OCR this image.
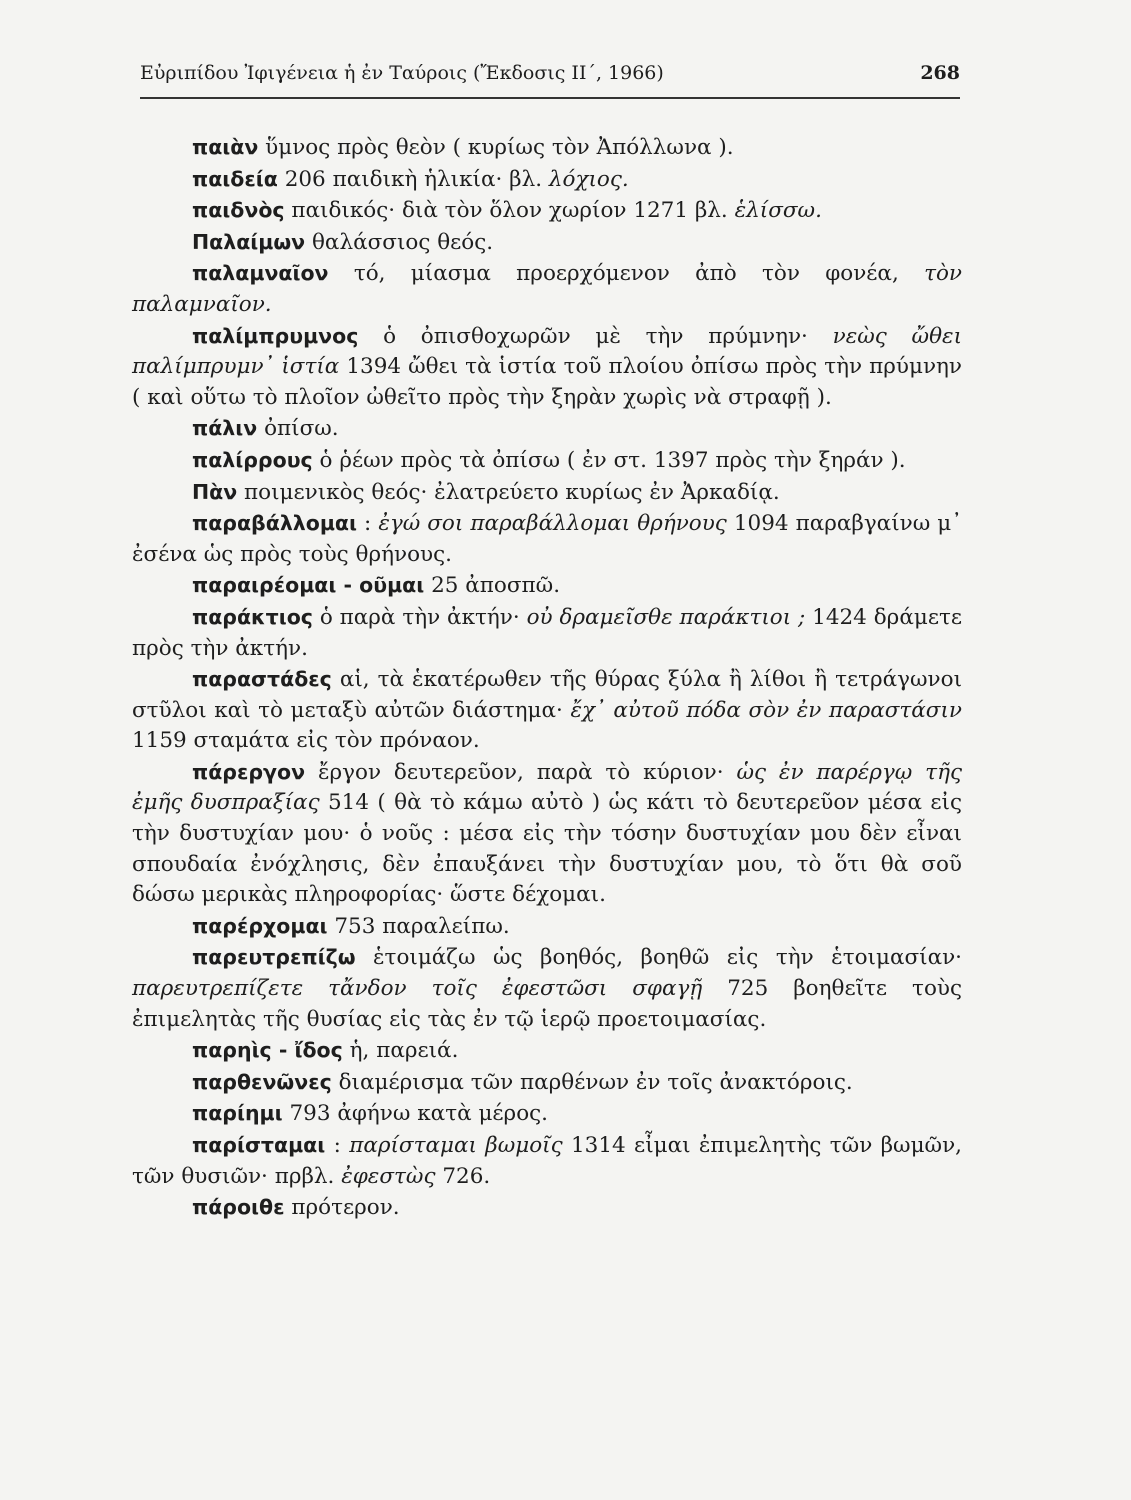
Εὐριπίδου Ἰφιγένεια ἡ ἐν Ταύροις (Ἔκδοσις ΙΙ΄, 1966)	268

παιὰν ὕμνος πρὸς θεὸν ( κυρίως τὸν Ἀπόλλωνα ).

παιδεία 206 παιδικὴ ἡλικία· βλ. λόχιος.

παιδνὸς παιδικός· διὰ τὸν ὅλον χωρίον 1271 βλ. ἑλίσσω.

Παλαίμων θαλάσσιος θεός.

παλαμναῖον τό, μίασμα προερχόμενον ἀπὸ τὸν φονέα, τὸν παλαμναῖον.

παλίμπρυμνος ὁ ὀπισθοχωρῶν μὲ τὴν πρύμνην· νεὼς ὤθει παλίμπρυμν᾽ ἱστία 1394 ὤθει τὰ ἱστία τοῦ πλοίου ὀπίσω πρὸς τὴν πρύμνην ( καὶ οὕτω τὸ πλοῖον ὠθεῖτο πρὸς τὴν ξηρὰν χωρὶς νὰ στραφῇ ).

πάλιν ὀπίσω.

παλίρρους ὁ ῥέων πρὸς τὰ ὀπίσω ( ἐν στ. 1397 πρὸς τὴν ξηράν ).

Πὰν ποιμενικὸς θεός· ἐλατρεύετο κυρίως ἐν Ἀρκαδίᾳ.

παραβάλλομαι : ἐγώ σοι παραβάλλομαι θρήνους 1094 παραβγαίνω μ᾽ ἐσένα ὡς πρὸς τοὺς θρήνους.

παραιρέομαι - οῦμαι 25 ἀποσπῶ.

παράκτιος ὁ παρὰ τὴν ἀκτήν· οὐ δραμεῖσθε παράκτιοι ; 1424 δράμετε πρὸς τὴν ἀκτήν.

παραστάδες αἱ, τὰ ἑκατέρωθεν τῆς θύρας ξύλα ἢ λίθοι ἢ τετράγωνοι στῦλοι καὶ τὸ μεταξὺ αὐτῶν διάστημα· ἔχ᾽ αὐτοῦ πόδα σὸν ἐν παραστάσιν 1159 σταμάτα εἰς τὸν πρόναον.

πάρεργον ἔργον δευτερεῦον, παρὰ τὸ κύριον· ὡς ἐν παρέργῳ τῆς ἐμῆς δυσπραξίας 514 ( θὰ τὸ κάμω αὐτὸ ) ὡς κάτι τὸ δευτερεῦον μέσα εἰς τὴν δυστυχίαν μου· ὁ νοῦς : μέσα εἰς τὴν τόσην δυστυχίαν μου δὲν εἶναι σπουδαία ἐνόχλησις, δὲν ἐπαυξάνει τὴν δυστυχίαν μου, τὸ ὅτι θὰ σοῦ δώσω μερικὰς πληροφορίας· ὥστε δέχομαι.

παρέρχομαι 753 παραλείπω.

παρευτρεπίζω ἑτοιμάζω ὡς βοηθός, βοηθῶ εἰς τὴν ἑτοιμασίαν· παρευτρεπίζετε τἄνδον τοῖς ἐφεστῶσι σφαγῇ 725 βοηθεῖτε τοὺς ἐπιμελητὰς τῆς θυσίας εἰς τὰς ἐν τῷ ἱερῷ προετοιμασίας.

παρηὶς - ἴδος ἡ, παρειά.

παρθενῶνες διαμέρισμα τῶν παρθένων ἐν τοῖς ἀνακτόροις.

παρίημι 793 ἀφήνω κατὰ μέρος.

παρίσταμαι : παρίσταμαι βωμοῖς 1314 εἶμαι ἐπιμελητὴς τῶν βωμῶν, τῶν θυσιῶν· πρβλ. ἐφεστὼς 726.

πάροιθε πρότερον.
